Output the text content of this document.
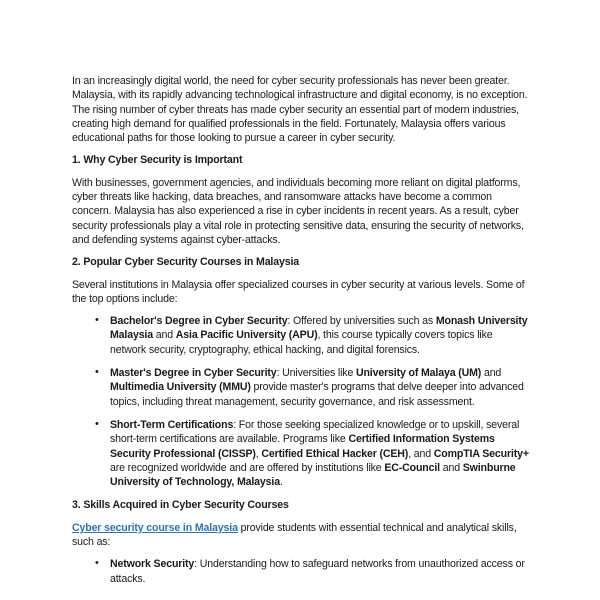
In an increasingly digital world, the need for cyber security professionals has never been greater. Malaysia, with its rapidly advancing technological infrastructure and digital economy, is no exception. The rising number of cyber threats has made cyber security an essential part of modern industries, creating high demand for qualified professionals in the field. Fortunately, Malaysia offers various educational paths for those looking to pursue a career in cyber security.
1. Why Cyber Security is Important
With businesses, government agencies, and individuals becoming more reliant on digital platforms, cyber threats like hacking, data breaches, and ransomware attacks have become a common concern. Malaysia has also experienced a rise in cyber incidents in recent years. As a result, cyber security professionals play a vital role in protecting sensitive data, ensuring the security of networks, and defending systems against cyber-attacks.
2. Popular Cyber Security Courses in Malaysia
Several institutions in Malaysia offer specialized courses in cyber security at various levels. Some of the top options include:
• Bachelor's Degree in Cyber Security: Offered by universities such as Monash University Malaysia and Asia Pacific University (APU), this course typically covers topics like network security, cryptography, ethical hacking, and digital forensics.
• Master's Degree in Cyber Security: Universities like University of Malaya (UM) and Multimedia University (MMU) provide master's programs that delve deeper into advanced topics, including threat management, security governance, and risk assessment.
• Short-Term Certifications: For those seeking specialized knowledge or to upskill, several short-term certifications are available. Programs like Certified Information Systems Security Professional (CISSP), Certified Ethical Hacker (CEH), and CompTIA Security+ are recognized worldwide and are offered by institutions like EC-Council and Swinburne University of Technology, Malaysia.
3. Skills Acquired in Cyber Security Courses
Cyber security course in Malaysia provide students with essential technical and analytical skills, such as:
• Network Security: Understanding how to safeguard networks from unauthorized access or attacks.
